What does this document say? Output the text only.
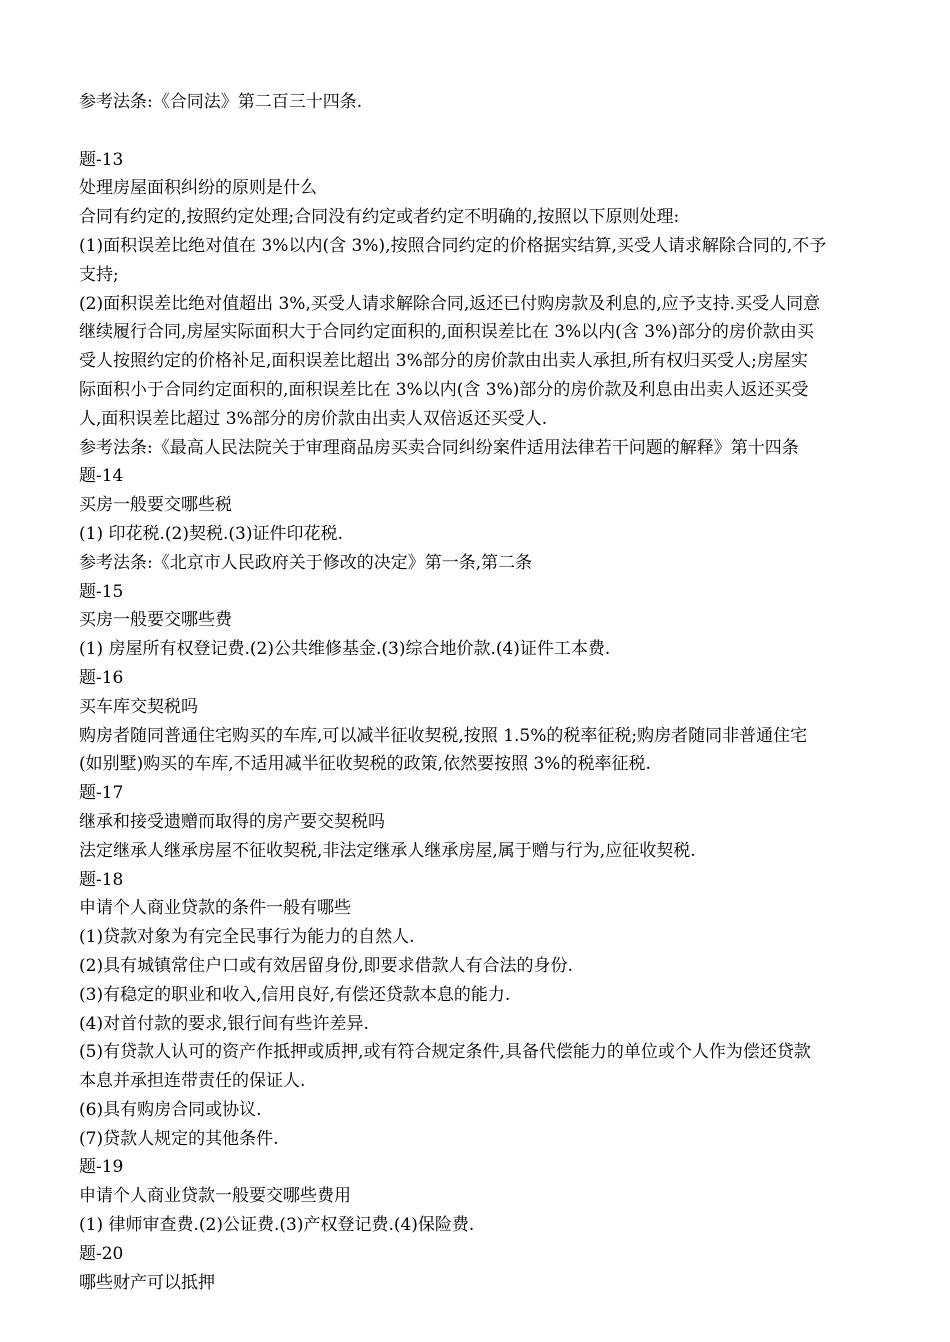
参考法条:《合同法》第二百三十四条.
题-13
处理房屋面积纠纷的原则是什么
合同有约定的,按照约定处理;合同没有约定或者约定不明确的,按照以下原则处理:
(1)面积误差比绝对值在 3%以内(含 3%),按照合同约定的价格据实结算,买受人请求解除合同的,不予
支持;
(2)面积误差比绝对值超出 3%,买受人请求解除合同,返还已付购房款及利息的,应予支持.买受人同意
继续履行合同,房屋实际面积大于合同约定面积的,面积误差比在 3%以内(含 3%)部分的房价款由买
受人按照约定的价格补足,面积误差比超出 3%部分的房价款由出卖人承担,所有权归买受人;房屋实
际面积小于合同约定面积的,面积误差比在 3%以内(含 3%)部分的房价款及利息由出卖人返还买受
人,面积误差比超过 3%部分的房价款由出卖人双倍返还买受人.
参考法条:《最高人民法院关于审理商品房买卖合同纠纷案件适用法律若干问题的解释》第十四条
题-14
买房一般要交哪些税
(1) 印花税.(2)契税.(3)证件印花税.
参考法条:《北京市人民政府关于修改的决定》第一条,第二条
题-15
买房一般要交哪些费
(1) 房屋所有权登记费.(2)公共维修基金.(3)综合地价款.(4)证件工本费.
题-16
买车库交契税吗
购房者随同普通住宅购买的车库,可以减半征收契税,按照 1.5%的税率征税;购房者随同非普通住宅
(如别墅)购买的车库,不适用减半征收契税的政策,依然要按照 3%的税率征税.
题-17
继承和接受遗赠而取得的房产要交契税吗
法定继承人继承房屋不征收契税,非法定继承人继承房屋,属于赠与行为,应征收契税.
题-18
申请个人商业贷款的条件一般有哪些
(1)贷款对象为有完全民事行为能力的自然人.
(2)具有城镇常住户口或有效居留身份,即要求借款人有合法的身份.
(3)有稳定的职业和收入,信用良好,有偿还贷款本息的能力.
(4)对首付款的要求,银行间有些许差异.
(5)有贷款人认可的资产作抵押或质押,或有符合规定条件,具备代偿能力的单位或个人作为偿还贷款
本息并承担连带责任的保证人.
(6)具有购房合同或协议.
(7)贷款人规定的其他条件.
题-19
申请个人商业贷款一般要交哪些费用
(1) 律师审查费.(2)公证费.(3)产权登记费.(4)保险费.
题-20
哪些财产可以抵押
